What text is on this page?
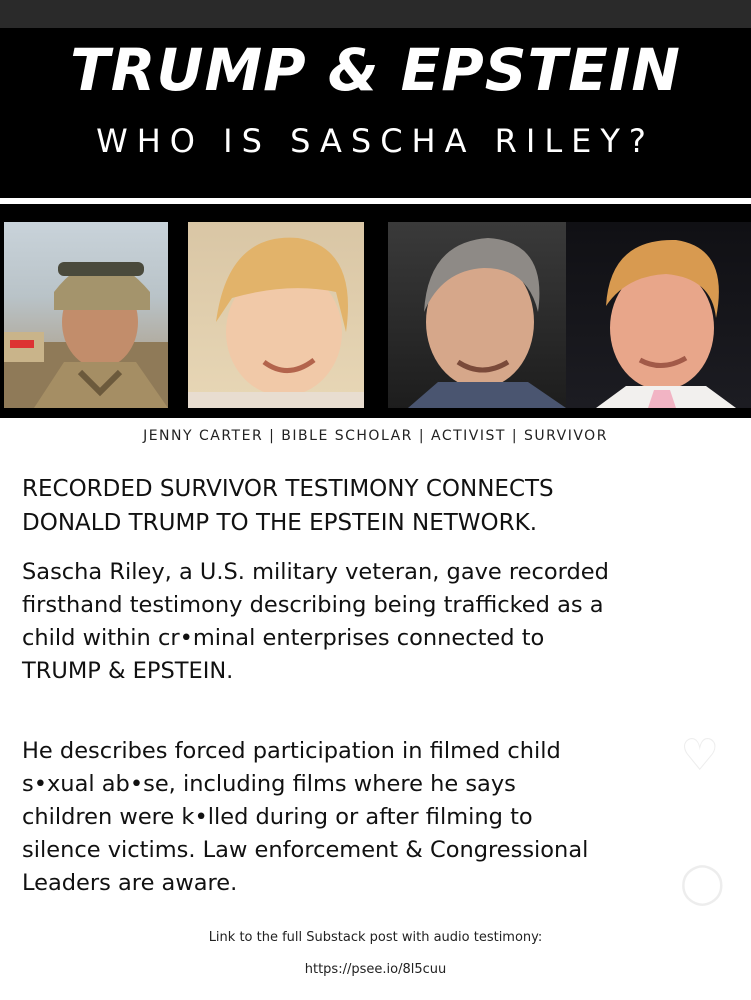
TRUMP & EPSTEIN
WHO IS SASCHA RILEY?
JENNY CARTER | BIBLE SCHOLAR | ACTIVIST | SURVIVOR
RECORDED SURVIVOR TESTIMONY CONNECTS
DONALD TRUMP TO THE EPSTEIN NETWORK.
Sascha Riley, a U.S. military veteran, gave recorded
firsthand testimony describing being trafficked as a
child within cr•minal enterprises connected to
TRUMP & EPSTEIN.
He describes forced participation in filmed child
s•xual ab•se, including films where he says
children were k•lled during or after filming to
silence victims. Law enforcement & Congressional
Leaders are aware.
♡
◯
Link to the full Substack post with audio testimony:
https://psee.io/8l5cuu
